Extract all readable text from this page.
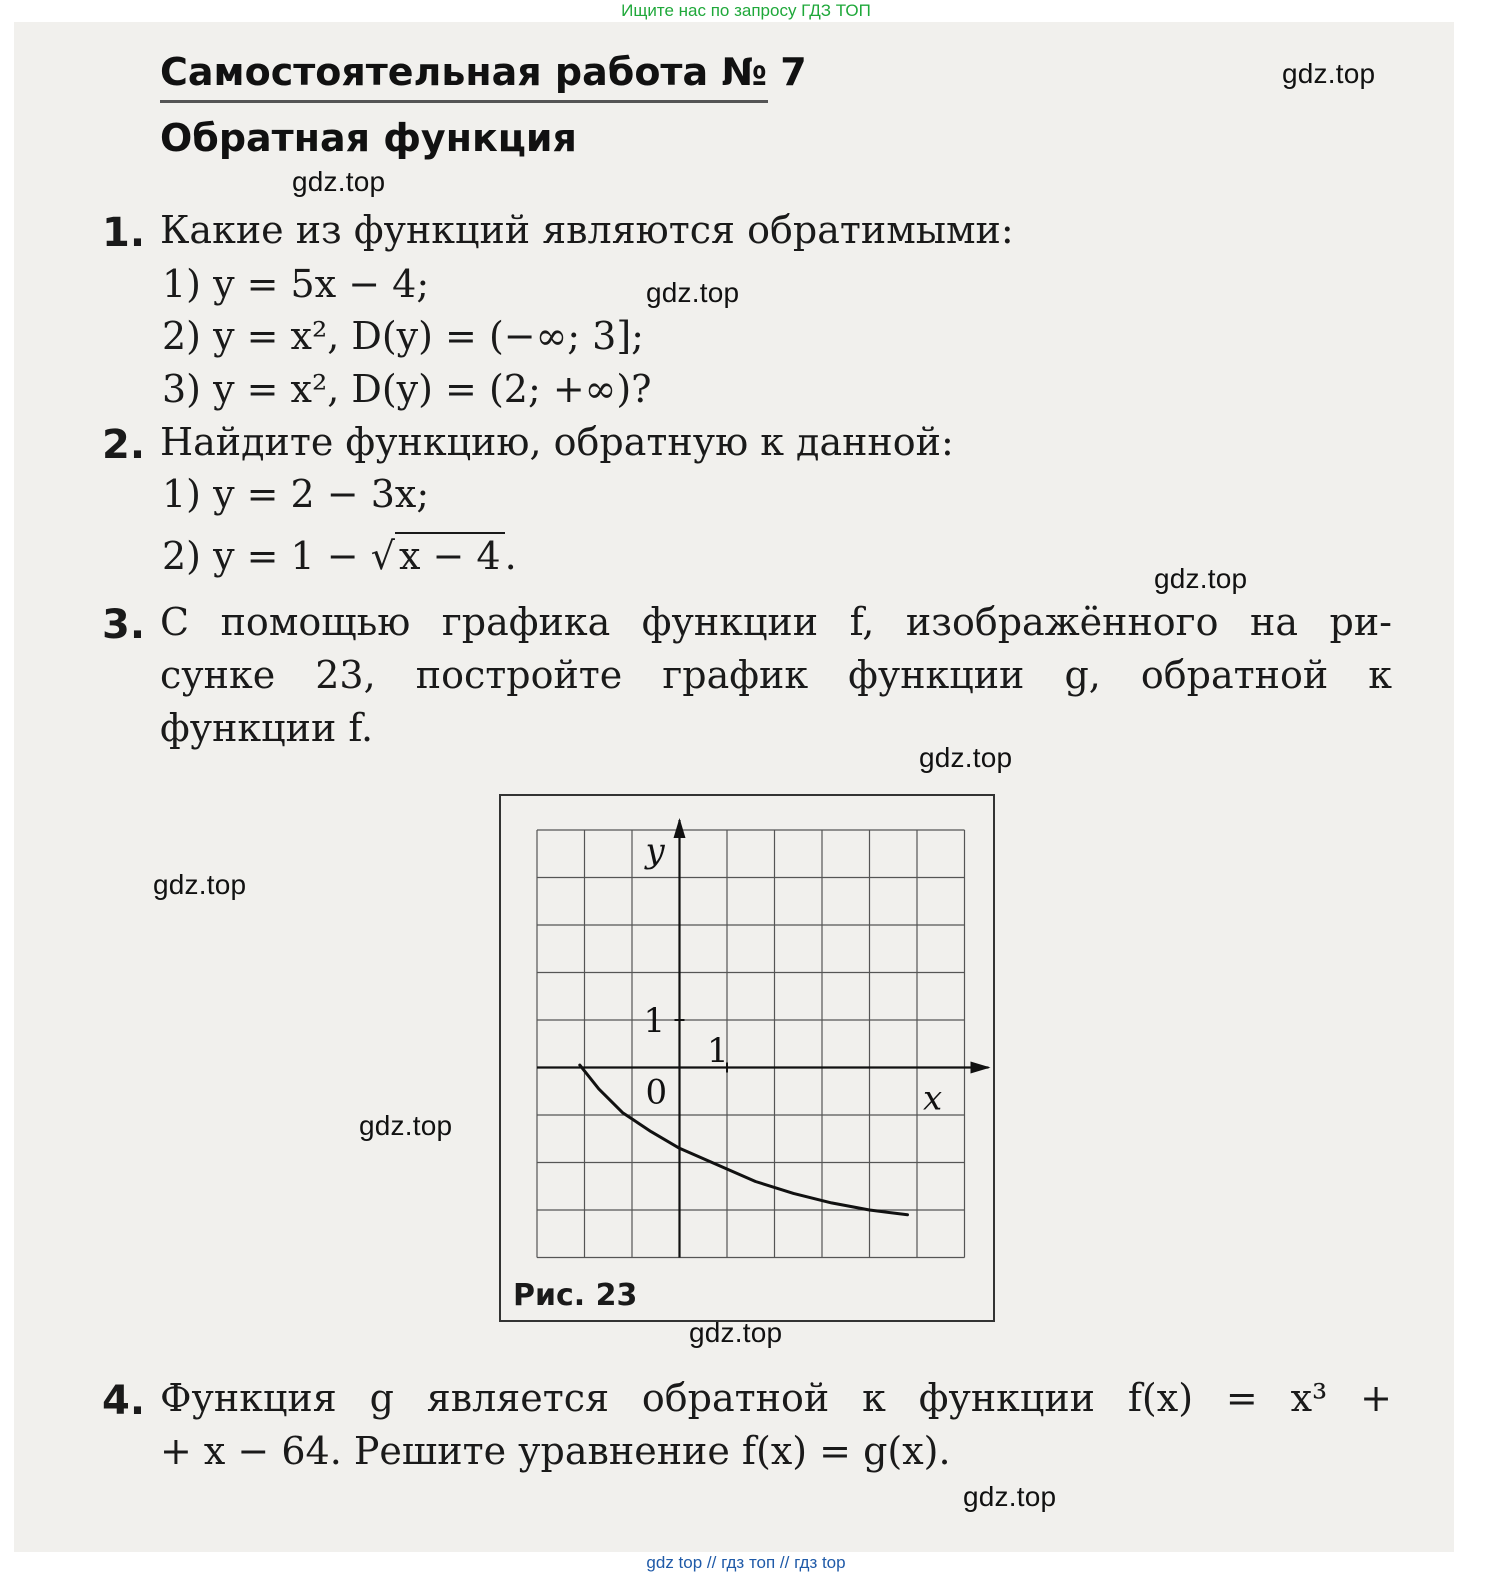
Ищите нас по запросу ГДЗ ТОП
Самостоятельная работа № 7
Обратная функция
1. Какие из функций являются обратимыми:
1) y = 5x − 4;
2) y = x², D(y) = (−∞; 3];
3) y = x², D(y) = (2; +∞)?
2. Найдите функцию, обратную к данной:
1) y = 2 − 3x;
2) y = 1 − √ x − 4 .
3. С помощью графика функции f, изображённого на ри-
сунке 23, постройте график функции g, обратной к
функции f.
y
x
0
1
1
Рис. 23
4. Функция g является обратной к функции f(x) = x³ +
+ x − 64. Решите уравнение f(x) = g(x).
gdz.top
gdz.top
gdz.top
gdz.top
gdz.top
gdz.top
gdz.top
gdz.top
gdz.top
gdz top // гдз топ // гдз top
